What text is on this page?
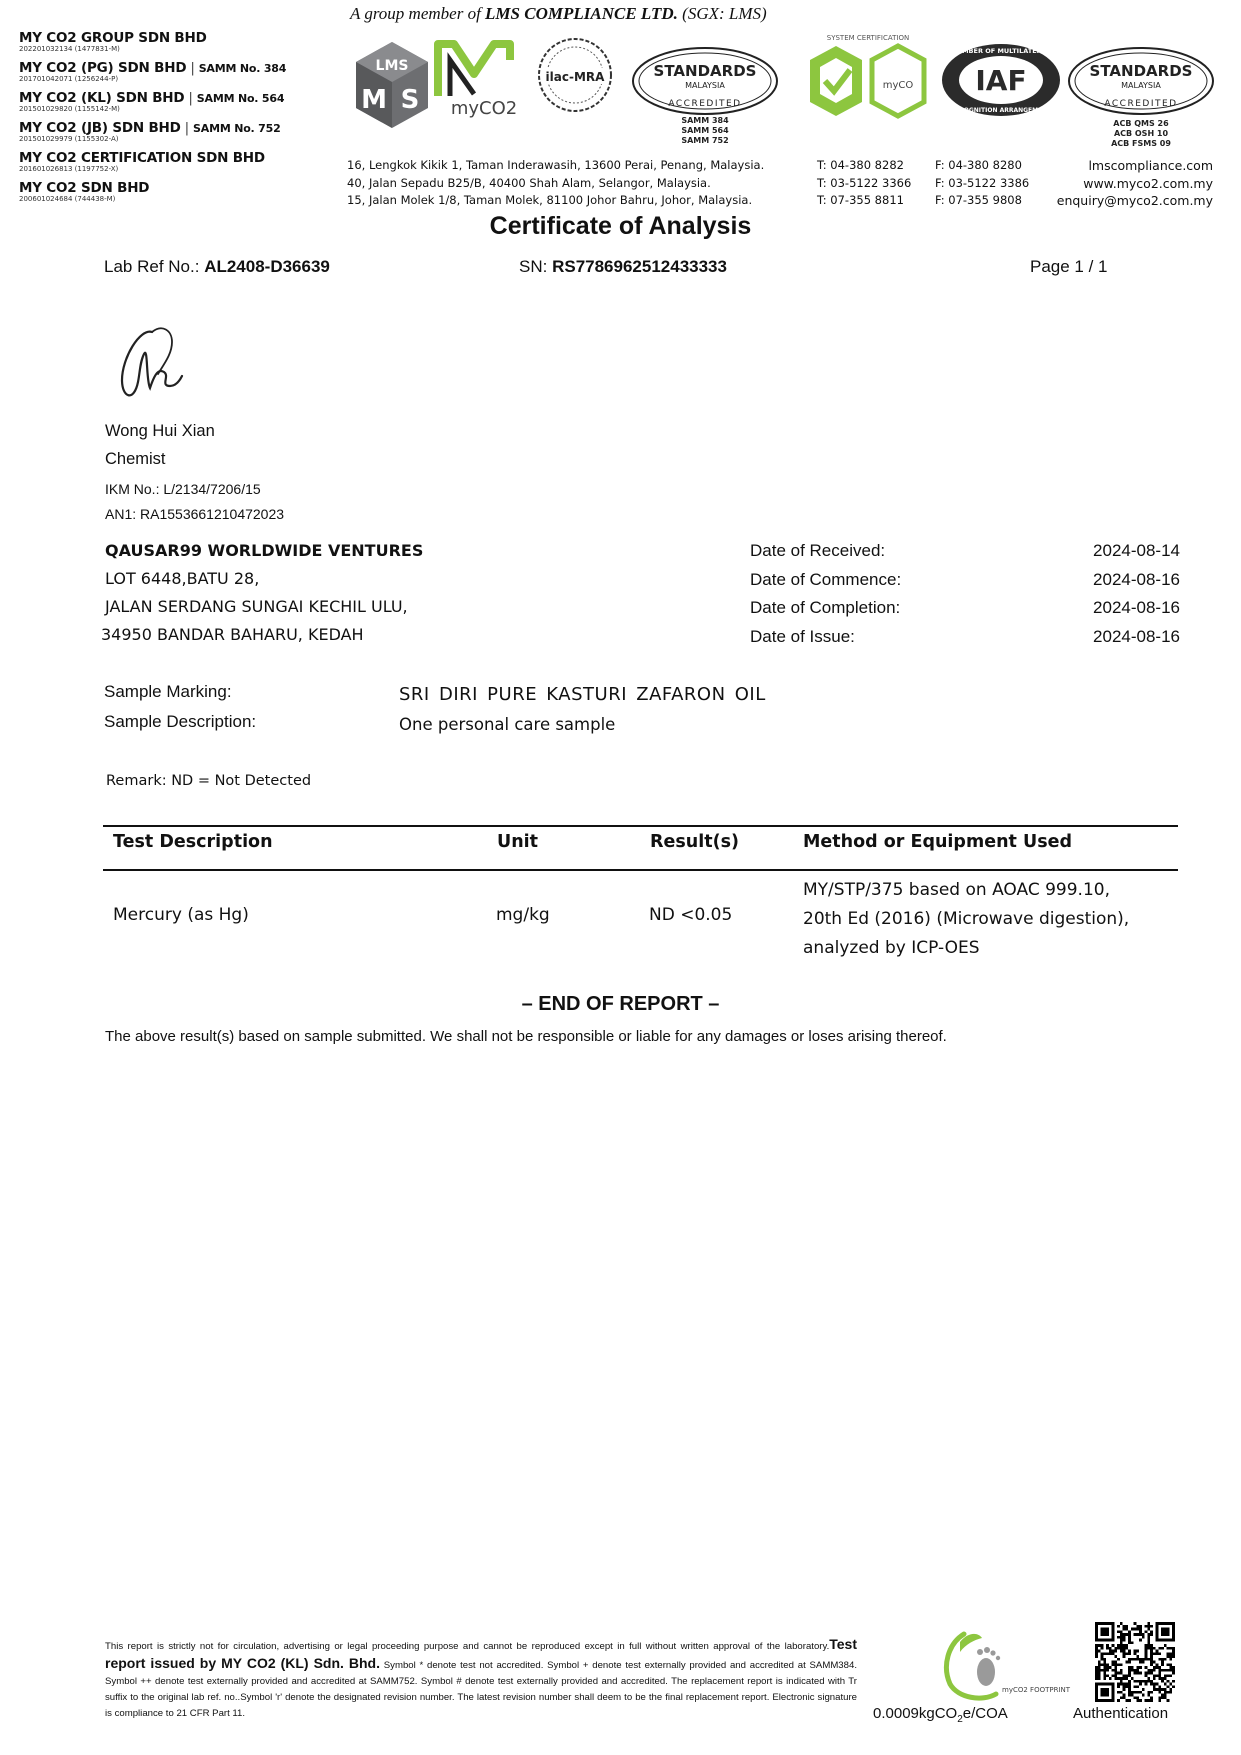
MY CO2 GROUP SDN BHD
202201032134 (1477831-M)
MY CO2 (PG) SDN BHD | SAMM No. 384
201701042071 (1256244-P)
MY CO2 (KL) SDN BHD | SAMM No. 564
201501029820 (1155142-M)
MY CO2 (JB) SDN BHD | SAMM No. 752
201501029979 (1155302-A)
MY CO2 CERTIFICATION SDN BHD
201601026813 (1197752-X)
MY CO2 SDN BHD
200601024684 (744438-M)
A group member of LMS COMPLIANCE LTD. (SGX: LMS)
LMS
M S myCO2
ilac-MRA	STANDARDS
MALAYSIA
ACCREDITED
SAMM 384
SAMM 564
SAMM 752
SYSTEM CERTIFICATION
myCO IAF
MEMBER OF MULTILATERAL
RECOGNITION ARRANGEMENT
STANDARDS
MALAYSIA
ACCREDITED
ACB QMS 26
ACB OSH 10
ACB FSMS 09
16, Lengkok Kikik 1, Taman Inderawasih, 13600 Perai, Penang, Malaysia.
40, Jalan Sepadu B25/B, 40400 Shah Alam, Selangor, Malaysia.
15, Jalan Molek 1/8, Taman Molek, 81100 Johor Bahru, Johor, Malaysia.
T: 04-380 8282
T: 03-5122 3366
T: 07-355 8811
F: 04-380 8280
F: 03-5122 3386
F: 07-355 9808
lmscompliance.com
www.myco2.com.my
enquiry@myco2.com.my
Certificate of Analysis
Lab Ref No.: AL2408-D36639	SN: RS7786962512433333	Page 1 / 1
Wong Hui Xian
Chemist
IKM No.: L/2134/7206/15
AN1: RA1553661210472023
QAUSAR99 WORLDWIDE VENTURES
LOT 6448,BATU 28,
JALAN SERDANG SUNGAI KECHIL ULU,
34950 BANDAR BAHARU, KEDAH
Date of Received:	2024-08-14
Date of Commence:	2024-08-16
Date of Completion:	2024-08-16
Date of Issue:	2024-08-16
Sample Marking:	SRI DIRI PURE KASTURI ZAFARON OIL
Sample Description:	One personal care sample
Remark: ND = Not Detected
Test Description	Unit	Result(s)	Method or Equipment Used
Mercury (as Hg)	mg/kg	ND <0.05
MY/STP/375 based on AOAC 999.10,
20th Ed (2016) (Microwave digestion),
analyzed by ICP-OES
– END OF REPORT –
The above result(s) based on sample submitted. We shall not be responsible or liable for any damages or loses arising thereof.
This report is strictly not for circulation, advertising or legal proceeding purpose and cannot be reproduced except in full without written approval of the laboratory.Test report issued by MY CO2 (KL) Sdn. Bhd. Symbol * denote test not accredited. Symbol + denote test externally provided and accredited at SAMM384. Symbol ++ denote test externally provided and accredited at SAMM752. Symbol # denote test externally provided and accredited. The replacement report is indicated with Tr suffix to the original lab ref. no..Symbol 'r' denote the designated revision number. The latest revision number shall deem to be the final replacement report. Electronic signature is compliance to 21 CFR Part 11.
myCO2 FOOTPRINT
0.0009kgCO$_2$e/COA	Authentication
